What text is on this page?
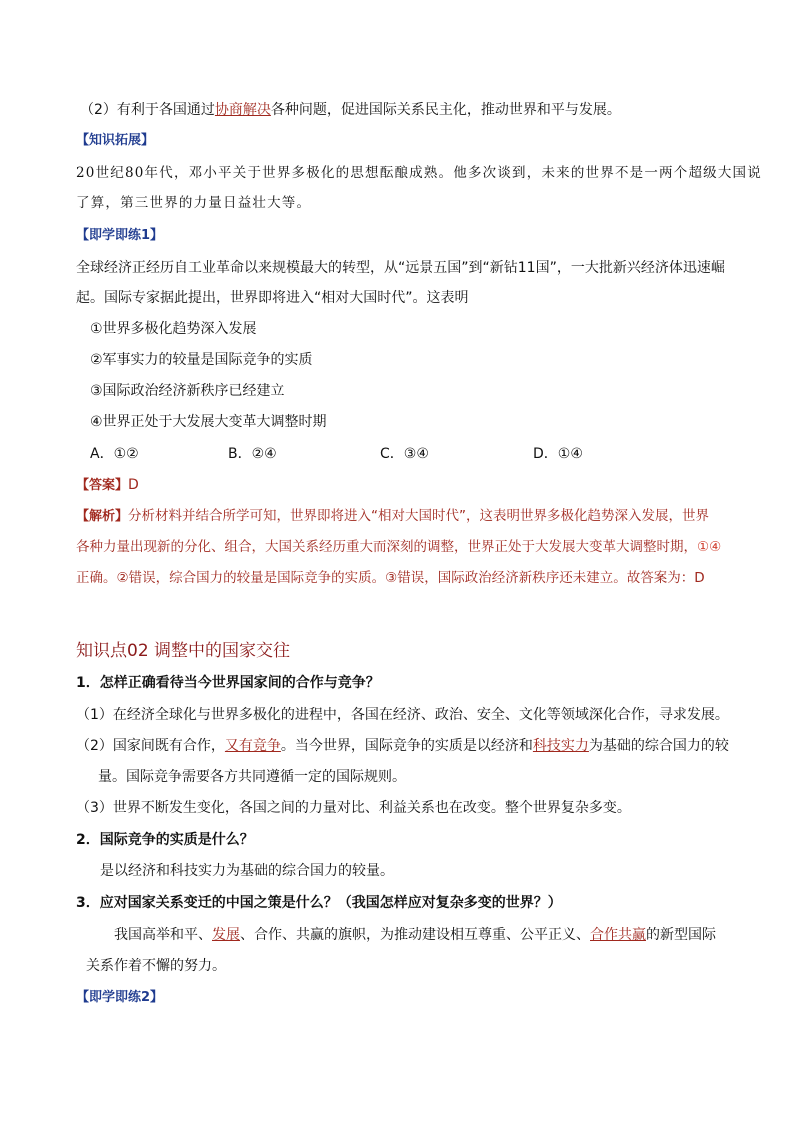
（2）有利于各国通过协商解决各种问题，促进国际关系民主化，推动世界和平与发展。
【知识拓展】
20世纪80年代，邓小平关于世界多极化的思想酝酿成熟。他多次谈到，未来的世界不是一两个超级大国说
了算，第三世界的力量日益壮大等。
【即学即练1】
全球经济正经历自工业革命以来规模最大的转型，从“远景五国”到“新钻11国”，一大批新兴经济体迅速崛
起。国际专家据此提出，世界即将进入“相对大国时代”。这表明
①世界多极化趋势深入发展
②军事实力的较量是国际竞争的实质
③国际政治经济新秩序已经建立
④世界正处于大发展大变革大调整时期
A．①②	B．②④	C．③④	D．①④
【答案】D
【解析】分析材料并结合所学可知，世界即将进入“相对大国时代”，这表明世界多极化趋势深入发展，世界
各种力量出现新的分化、组合，大国关系经历重大而深刻的调整，世界正处于大发展大变革大调整时期，①④
正确。②错误，综合国力的较量是国际竞争的实质。③错误，国际政治经济新秩序还未建立。故答案为：D
知识点02 调整中的国家交往
1．怎样正确看待当今世界国家间的合作与竞争？
（1）在经济全球化与世界多极化的进程中，各国在经济、政治、安全、文化等领域深化合作，寻求发展。
（2）国家间既有合作，又有竞争。当今世界，国际竞争的实质是以经济和科技实力为基础的综合国力的较
量。国际竞争需要各方共同遵循一定的国际规则。
（3）世界不断发生变化，各国之间的力量对比、利益关系也在改变。整个世界复杂多变。
2．国际竞争的实质是什么？
是以经济和科技实力为基础的综合国力的较量。
3．应对国家关系变迁的中国之策是什么？（我国怎样应对复杂多变的世界？）
我国高举和平、发展、合作、共赢的旗帜，为推动建设相互尊重、公平正义、合作共赢的新型国际
关系作着不懈的努力。
【即学即练2】
